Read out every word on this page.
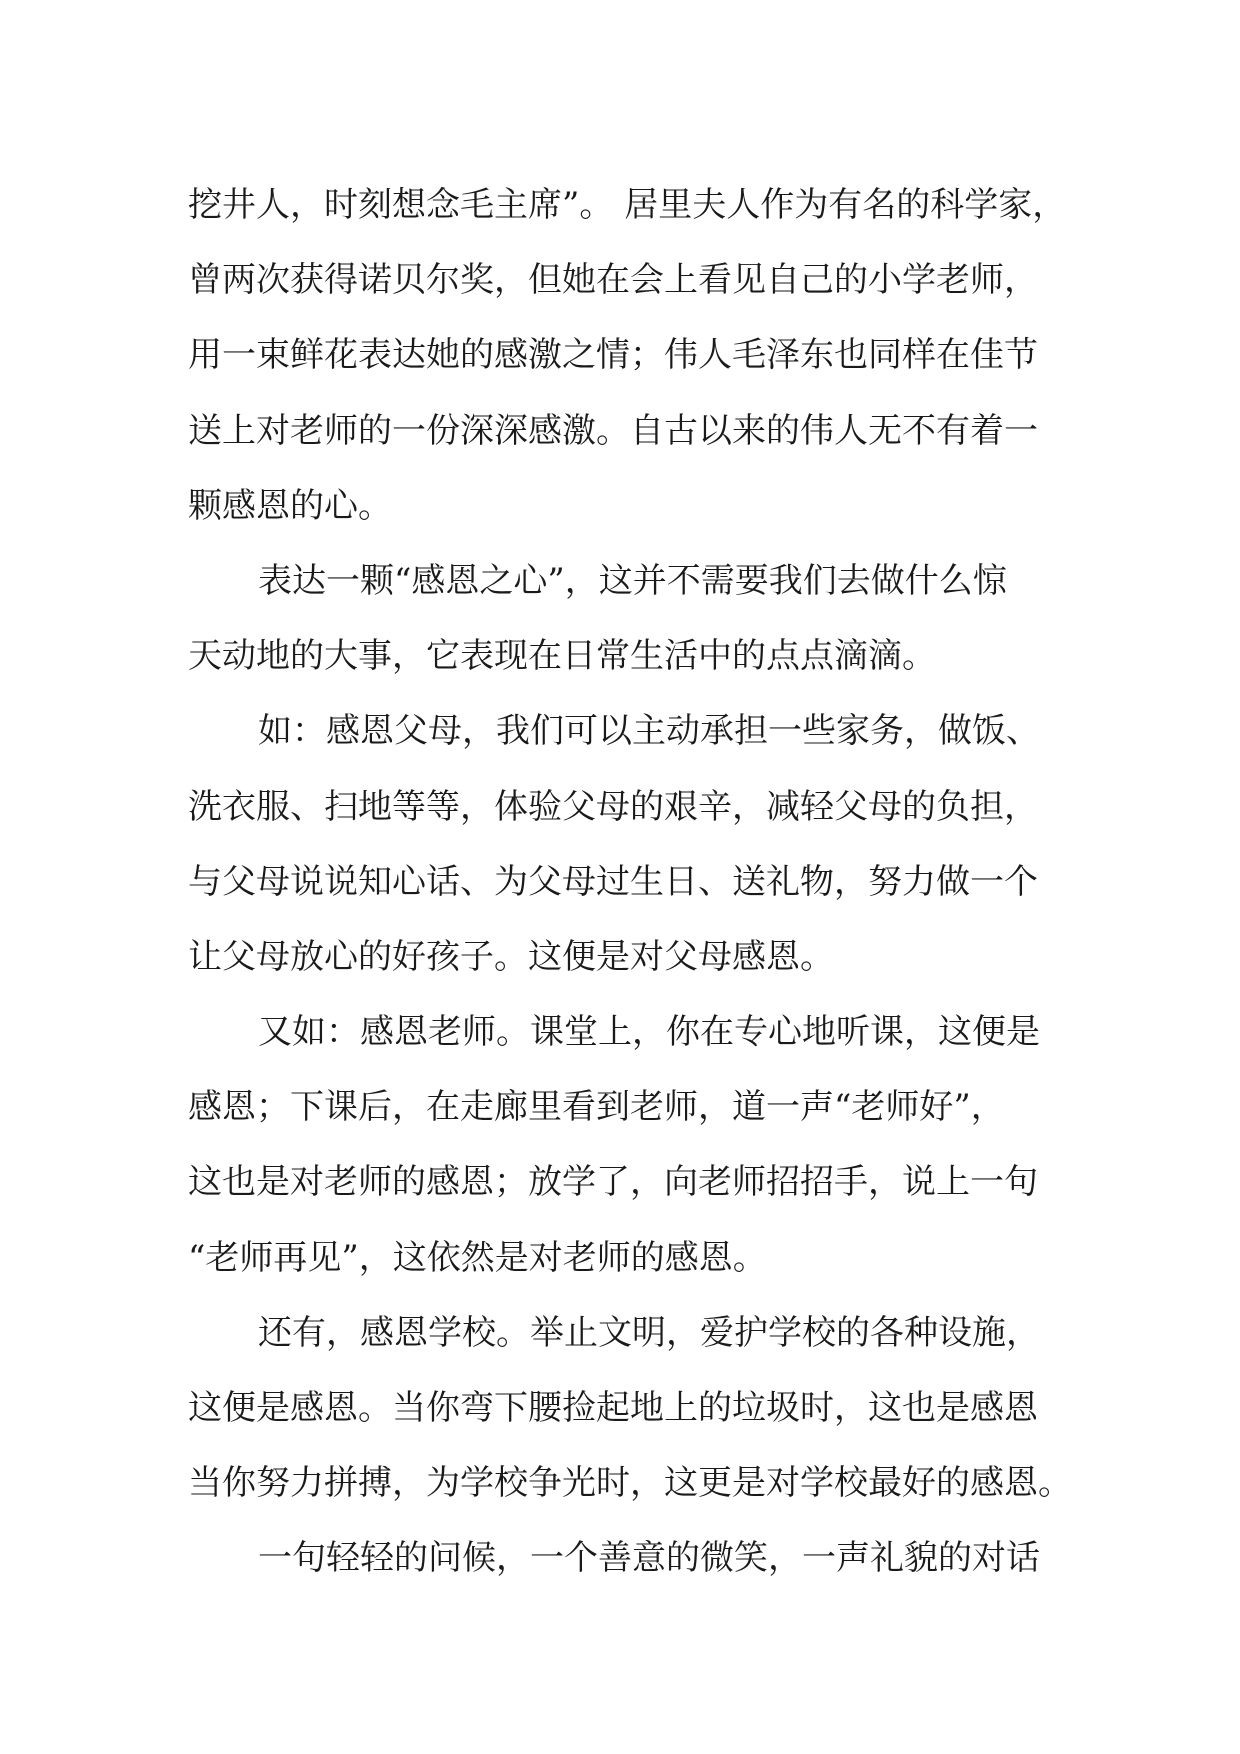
挖井人，时刻想念毛主席”。 居里夫人作为有名的科学家，
曾两次获得诺贝尔奖，但她在会上看见自己的小学老师，
用一束鲜花表达她的感激之情；伟人毛泽东也同样在佳节
送上对老师的一份深深感激。自古以来的伟人无不有着一
颗感恩的心。
表达一颗“感恩之心”，这并不需要我们去做什么惊
天动地的大事，它表现在日常生活中的点点滴滴。
如：感恩父母，我们可以主动承担一些家务，做饭、
洗衣服、扫地等等，体验父母的艰辛，减轻父母的负担，
与父母说说知心话、为父母过生日、送礼物，努力做一个
让父母放心的好孩子。这便是对父母感恩。
又如：感恩老师。课堂上，你在专心地听课，这便是
感恩；下课后，在走廊里看到老师，道一声“老师好”，
这也是对老师的感恩；放学了，向老师招招手，说上一句
“老师再见”，这依然是对老师的感恩。
还有，感恩学校。举止文明，爱护学校的各种设施，
这便是感恩。当你弯下腰捡起地上的垃圾时，这也是感恩
当你努力拼搏，为学校争光时，这更是对学校最好的感恩。
一句轻轻的问候，一个善意的微笑，一声礼貌的对话
